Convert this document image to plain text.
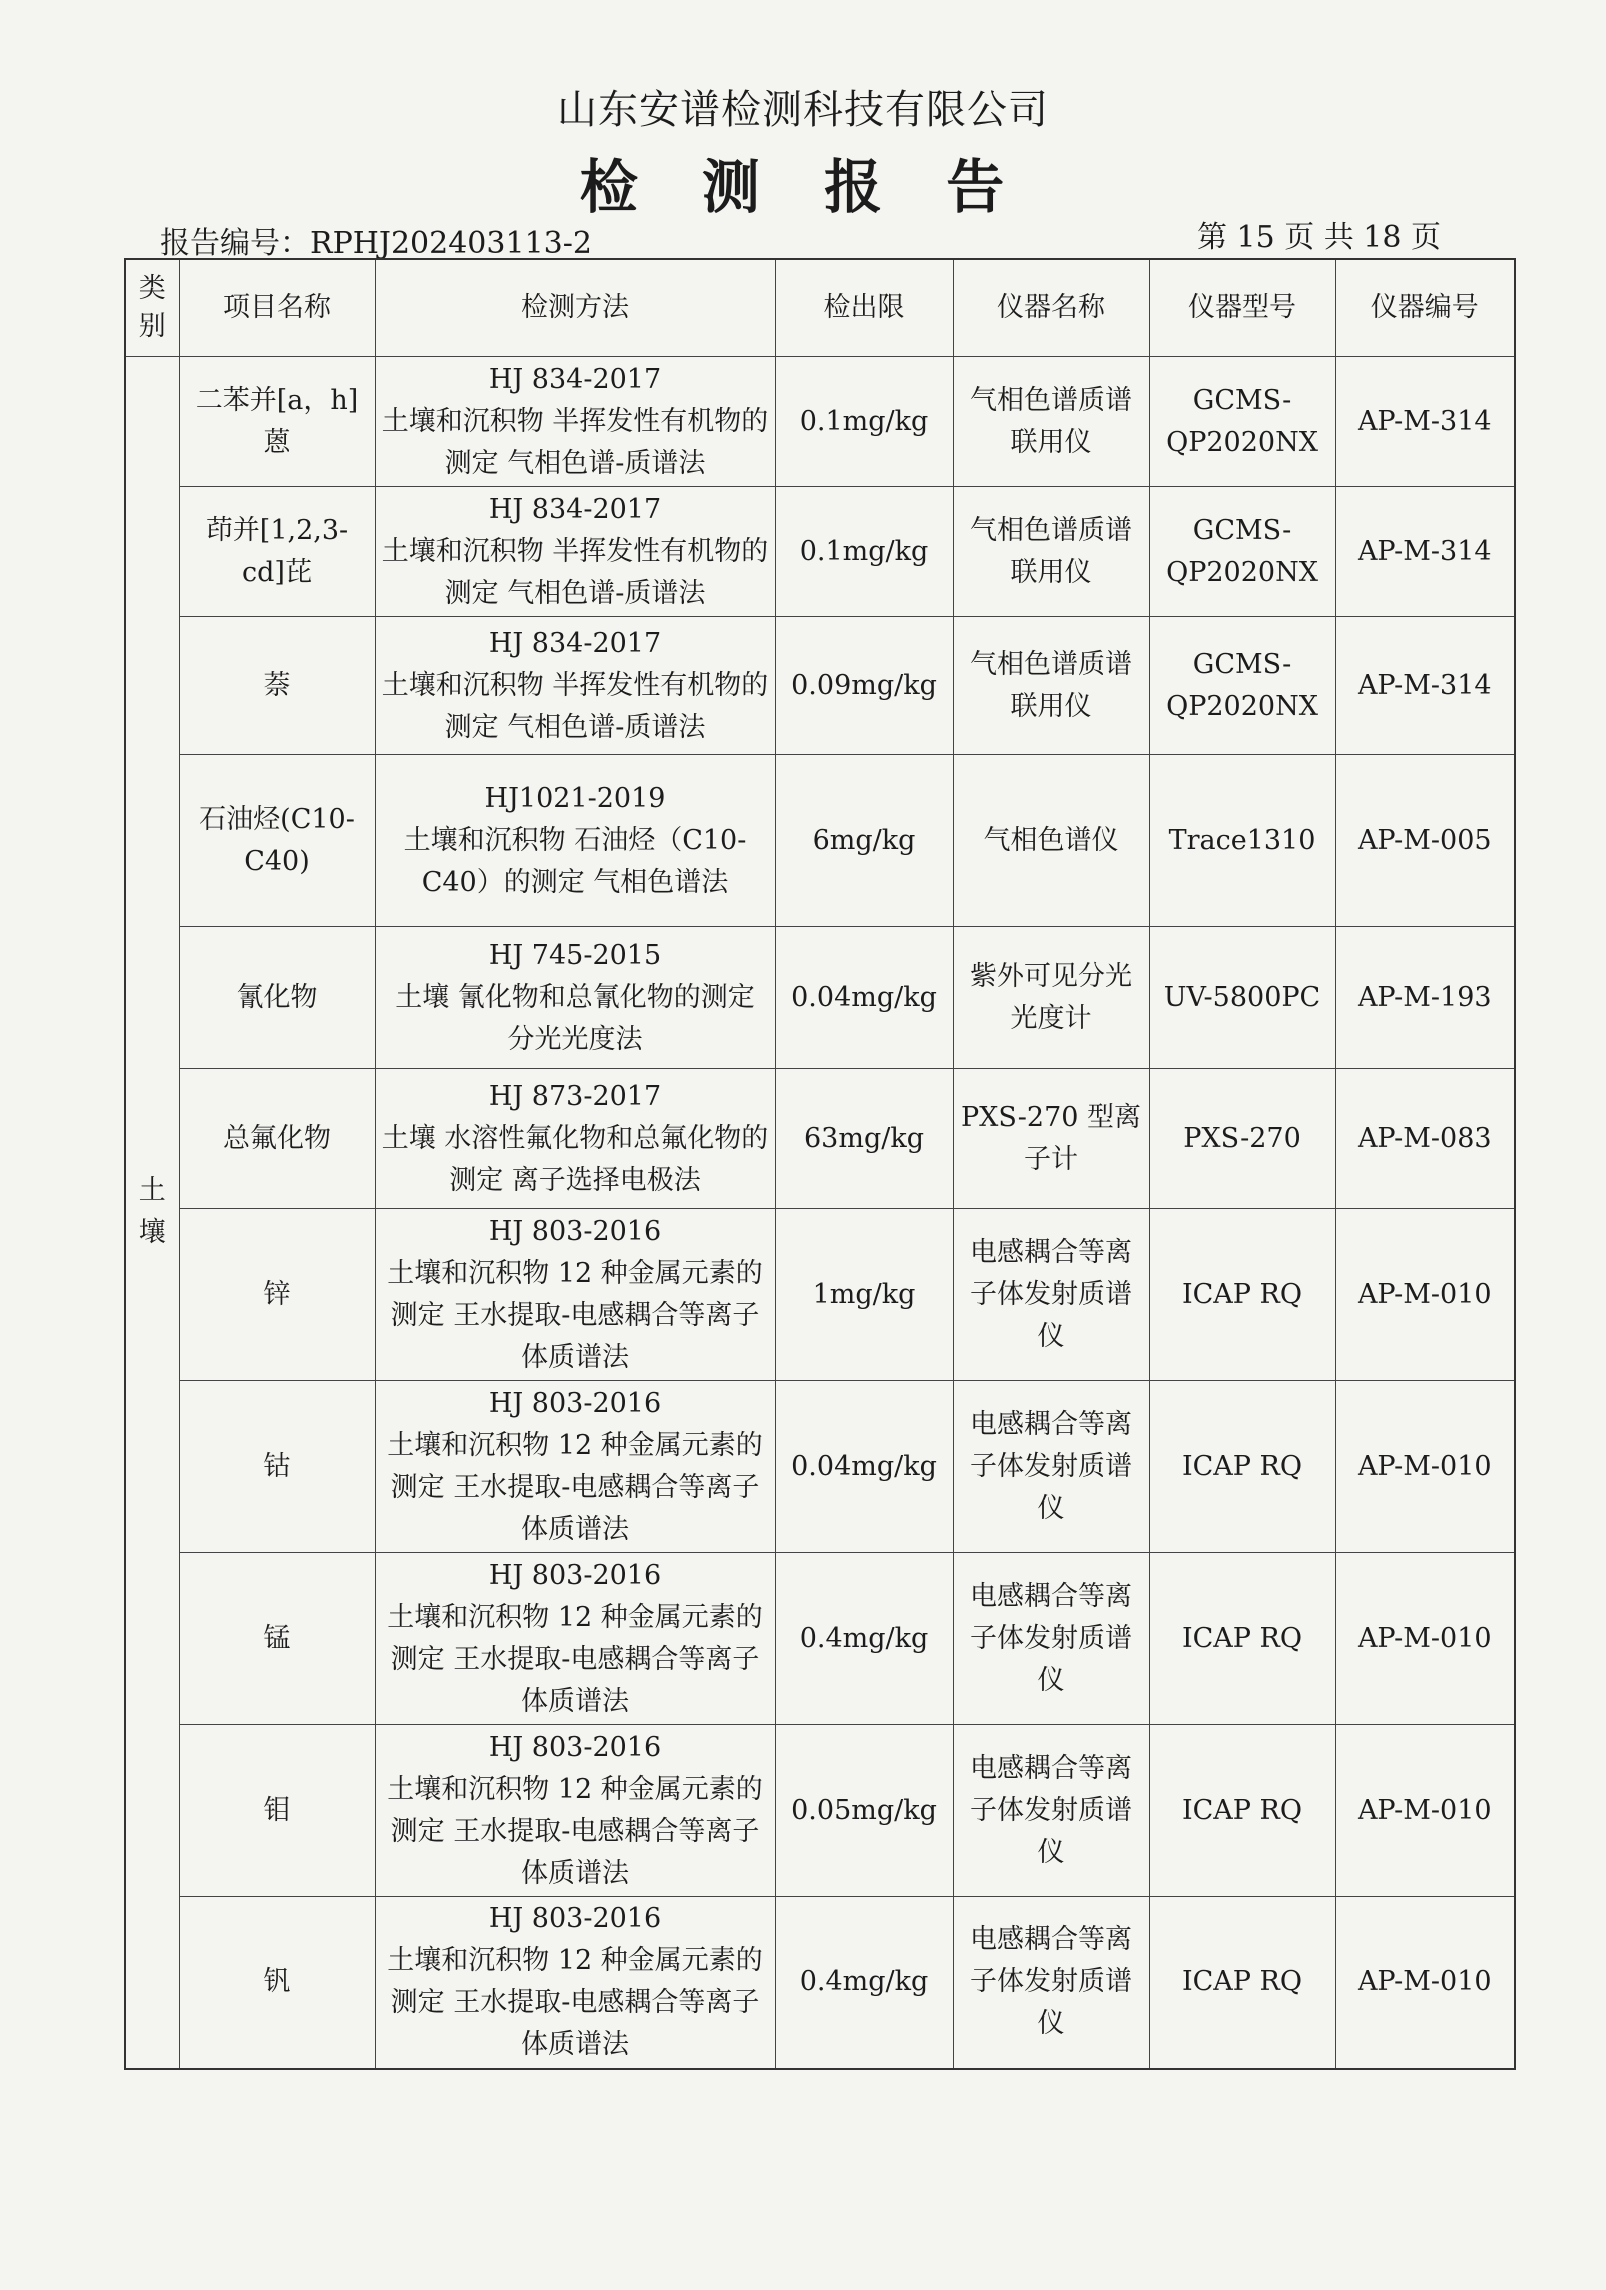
山东安谱检测科技有限公司
检 测 报 告
报告编号：RPHJ202403113-2	第 15 页 共 18 页
类别	项目名称	检测方法	检出限	仪器名称	仪器型号	仪器编号
土壤	二苯并[a，h]蒽	HJ 834-2017
土壤和沉积物 半挥发性有机物的测定 气相色谱-质谱法	0.1mg/kg	气相色谱质谱联用仪	GCMS-QP2020NX	AP-M-314
	茚并[1,2,3-cd]芘	HJ 834-2017
土壤和沉积物 半挥发性有机物的测定 气相色谱-质谱法	0.1mg/kg	气相色谱质谱联用仪	GCMS-QP2020NX	AP-M-314
	萘	HJ 834-2017
土壤和沉积物 半挥发性有机物的测定 气相色谱-质谱法	0.09mg/kg	气相色谱质谱联用仪	GCMS-QP2020NX	AP-M-314
	石油烃(C10-C40)	HJ1021-2019
土壤和沉积物 石油烃（C10-C40）的测定 气相色谱法	6mg/kg	气相色谱仪	Trace1310	AP-M-005
	氰化物	HJ 745-2015
土壤 氰化物和总氰化物的测定 分光光度法	0.04mg/kg	紫外可见分光光度计	UV-5800PC	AP-M-193
	总氟化物	HJ 873-2017
土壤 水溶性氟化物和总氟化物的测定 离子选择电极法	63mg/kg	PXS-270 型离子计	PXS-270	AP-M-083
	锌	HJ 803-2016
土壤和沉积物 12 种金属元素的测定 王水提取-电感耦合等离子体质谱法	1mg/kg	电感耦合等离子体发射质谱仪	ICAP RQ	AP-M-010
	钴	HJ 803-2016
土壤和沉积物 12 种金属元素的测定 王水提取-电感耦合等离子体质谱法	0.04mg/kg	电感耦合等离子体发射质谱仪	ICAP RQ	AP-M-010
	锰	HJ 803-2016
土壤和沉积物 12 种金属元素的测定 王水提取-电感耦合等离子体质谱法	0.4mg/kg	电感耦合等离子体发射质谱仪	ICAP RQ	AP-M-010
	钼	HJ 803-2016
土壤和沉积物 12 种金属元素的测定 王水提取-电感耦合等离子体质谱法	0.05mg/kg	电感耦合等离子体发射质谱仪	ICAP RQ	AP-M-010
	钒	HJ 803-2016
土壤和沉积物 12 种金属元素的测定 王水提取-电感耦合等离子体质谱法	0.4mg/kg	电感耦合等离子体发射质谱仪	ICAP RQ	AP-M-010
